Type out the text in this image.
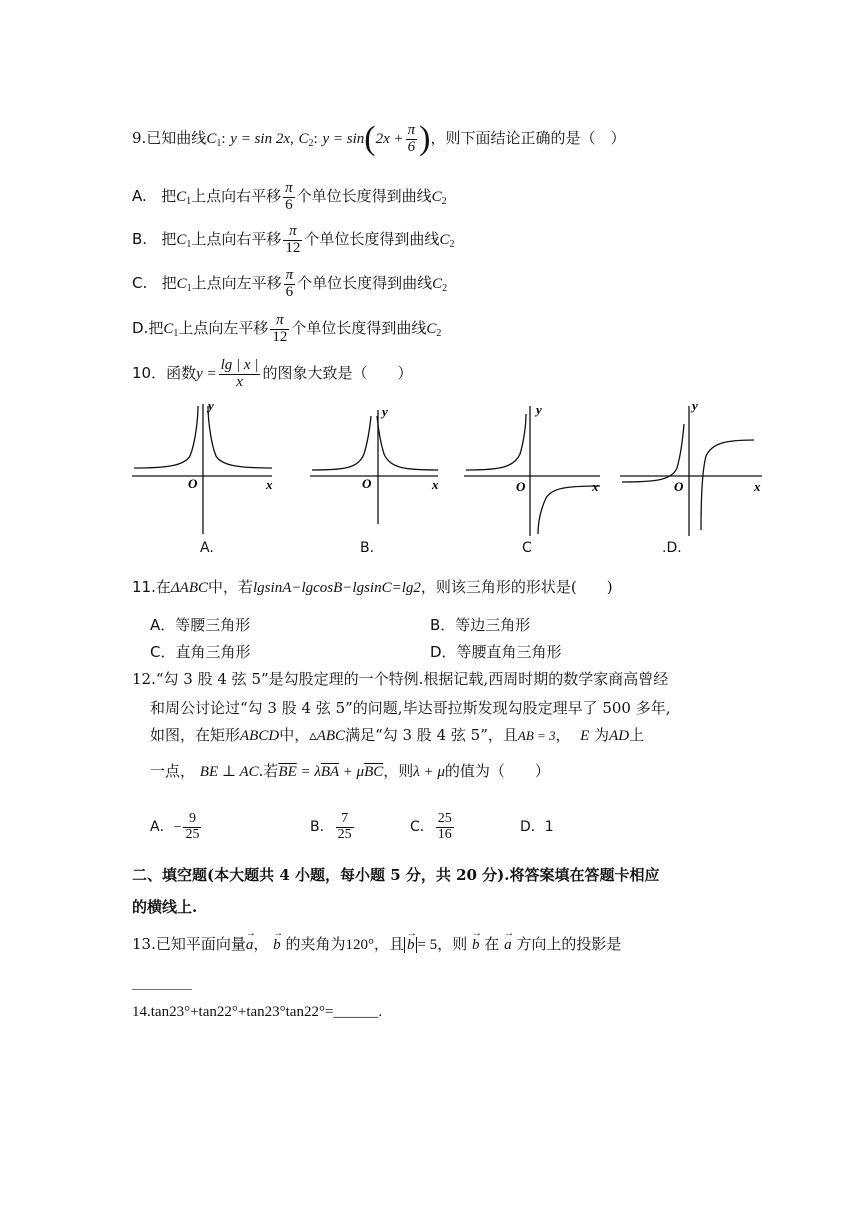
9.已知曲线$C_1$: y = sin 2x, $C_2$: $y = \sin(2x + \frac{\pi}{6}$ )，则下面结论正确的是（　）
A. 把$C_1$上点向右平移 $\frac{\pi}{6}$ 个单位长度得到曲线$C_2$
B. 把$C_1$上点向右平移 $\frac{\pi}{12}$ 个单位长度得到曲线$C_2$
C. 把$C_1$上点向左平移 $\frac{\pi}{6}$ 个单位长度得到曲线$C_2$
D.把$C_1$上点向左平移 $\frac{\pi}{12}$ 个单位长度得到曲线$C_2$
10．函数$y = \frac{\lg | x |}{x}$ 的图象大致是（　　）
y
O	x
y
O	x
y
O	x
y
O	x
A.	B.	C	.D.
11.在ΔABC中，若lgsinA−lgcosB−lgsinC=lg2，则该三角形的形状是(　　)
A．等腰三角形	B．等边三角形
C．直角三角形	D．等腰直角三角形
12.“勾 3 股 4 弦 5”是勾股定理的一个特例.根据记载,西周时期的数学家商高曾经
和周公讨论过“勾 3 股 4 弦 5”的问题,毕达哥拉斯发现勾股定理早了 500 多年,
如图，在矩形ABCD中，▵ABC满足“勾 3 股 4 弦 5”，且AB = 3， E 为AD上
一点， BE ⊥ AC.若$\overline{BE} = \lambda\overline{BA} + \mu\overline{BC}$，则λ + μ的值为（　　）
A．− $\frac{9}{25}$	B． $\frac{7}{25}$	C． $\frac{25}{16}$	D．1
二、填空题(本大题共 4 小题，每小题 5 分，共 20 分).将答案填在答题卡相应
的横线上.
13.已知平面向量→ a， → b 的夹角为120°，且 → b = 5，则 → b 在 → a 方向上的投影是
________
14.tan23°+tan22°+tan23°tan22°=______.
